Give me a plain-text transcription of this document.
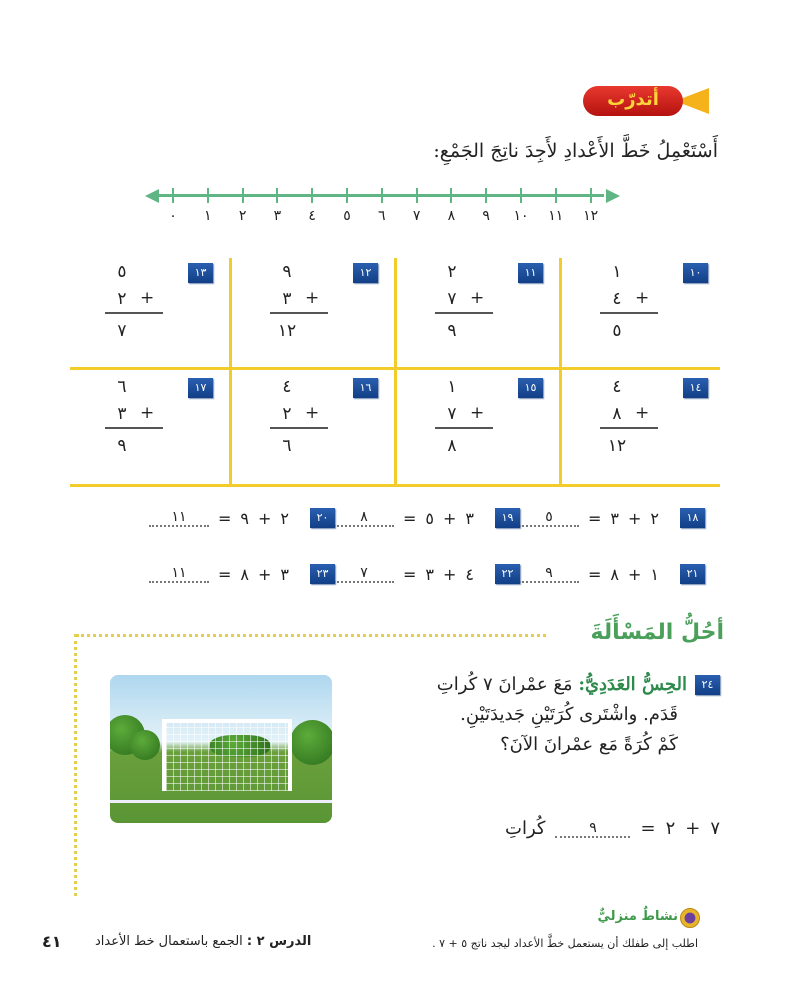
أتدرّب
أَسْتَعْمِلُ خَطَّ الأَعْدادِ لأَجِدَ ناتِجَ الجَمْعِ:
٠	١	٢	٣	٤	٥	٦	٧	٨	٩	١٠	١١	١٢
١٠
١
٤ +
٥
١١
٢
٧ +
٩
١٢
٩
٣ +
١٢
١٣
٥
٢ +
٧
١٤
٤
٨ +
١٢
١٥
١
٧ +
٨
١٦
٤
٢ +
٦
١٧
٦
٣ +
٩
١٨
٢
+
٣
=
٥
١٩
٣
+
٥
=
٨
٢٠
٢
+
٩
=
١١
٢١
١
+
٨
=
٩
٢٢
٤
+
٣
=
٧
٢٣
٣
+
٨
=
١١
أحُلُّ المَسْأَلَةَ
٢٤الحِسُّ العَدَدِيُّ: مَعَ عمْرانَ ٧ كُراتِ
قَدَم. واشْتَرى كُرَتَيْنِ جَديدَتَيْنِ.
كَمْ كُرَةً مَع عمْرانَ الآنَ؟
٧
+
٢
=
٩
كُراتِ
نشاطٌ منزليٌّ
اطلب إلى طفلك أن يستعمل خطَّ الأعداد ليجد ناتج ٥ + ٧ .
الدرس ٢ : الجمع باستعمال خط الأعداد
٤١
